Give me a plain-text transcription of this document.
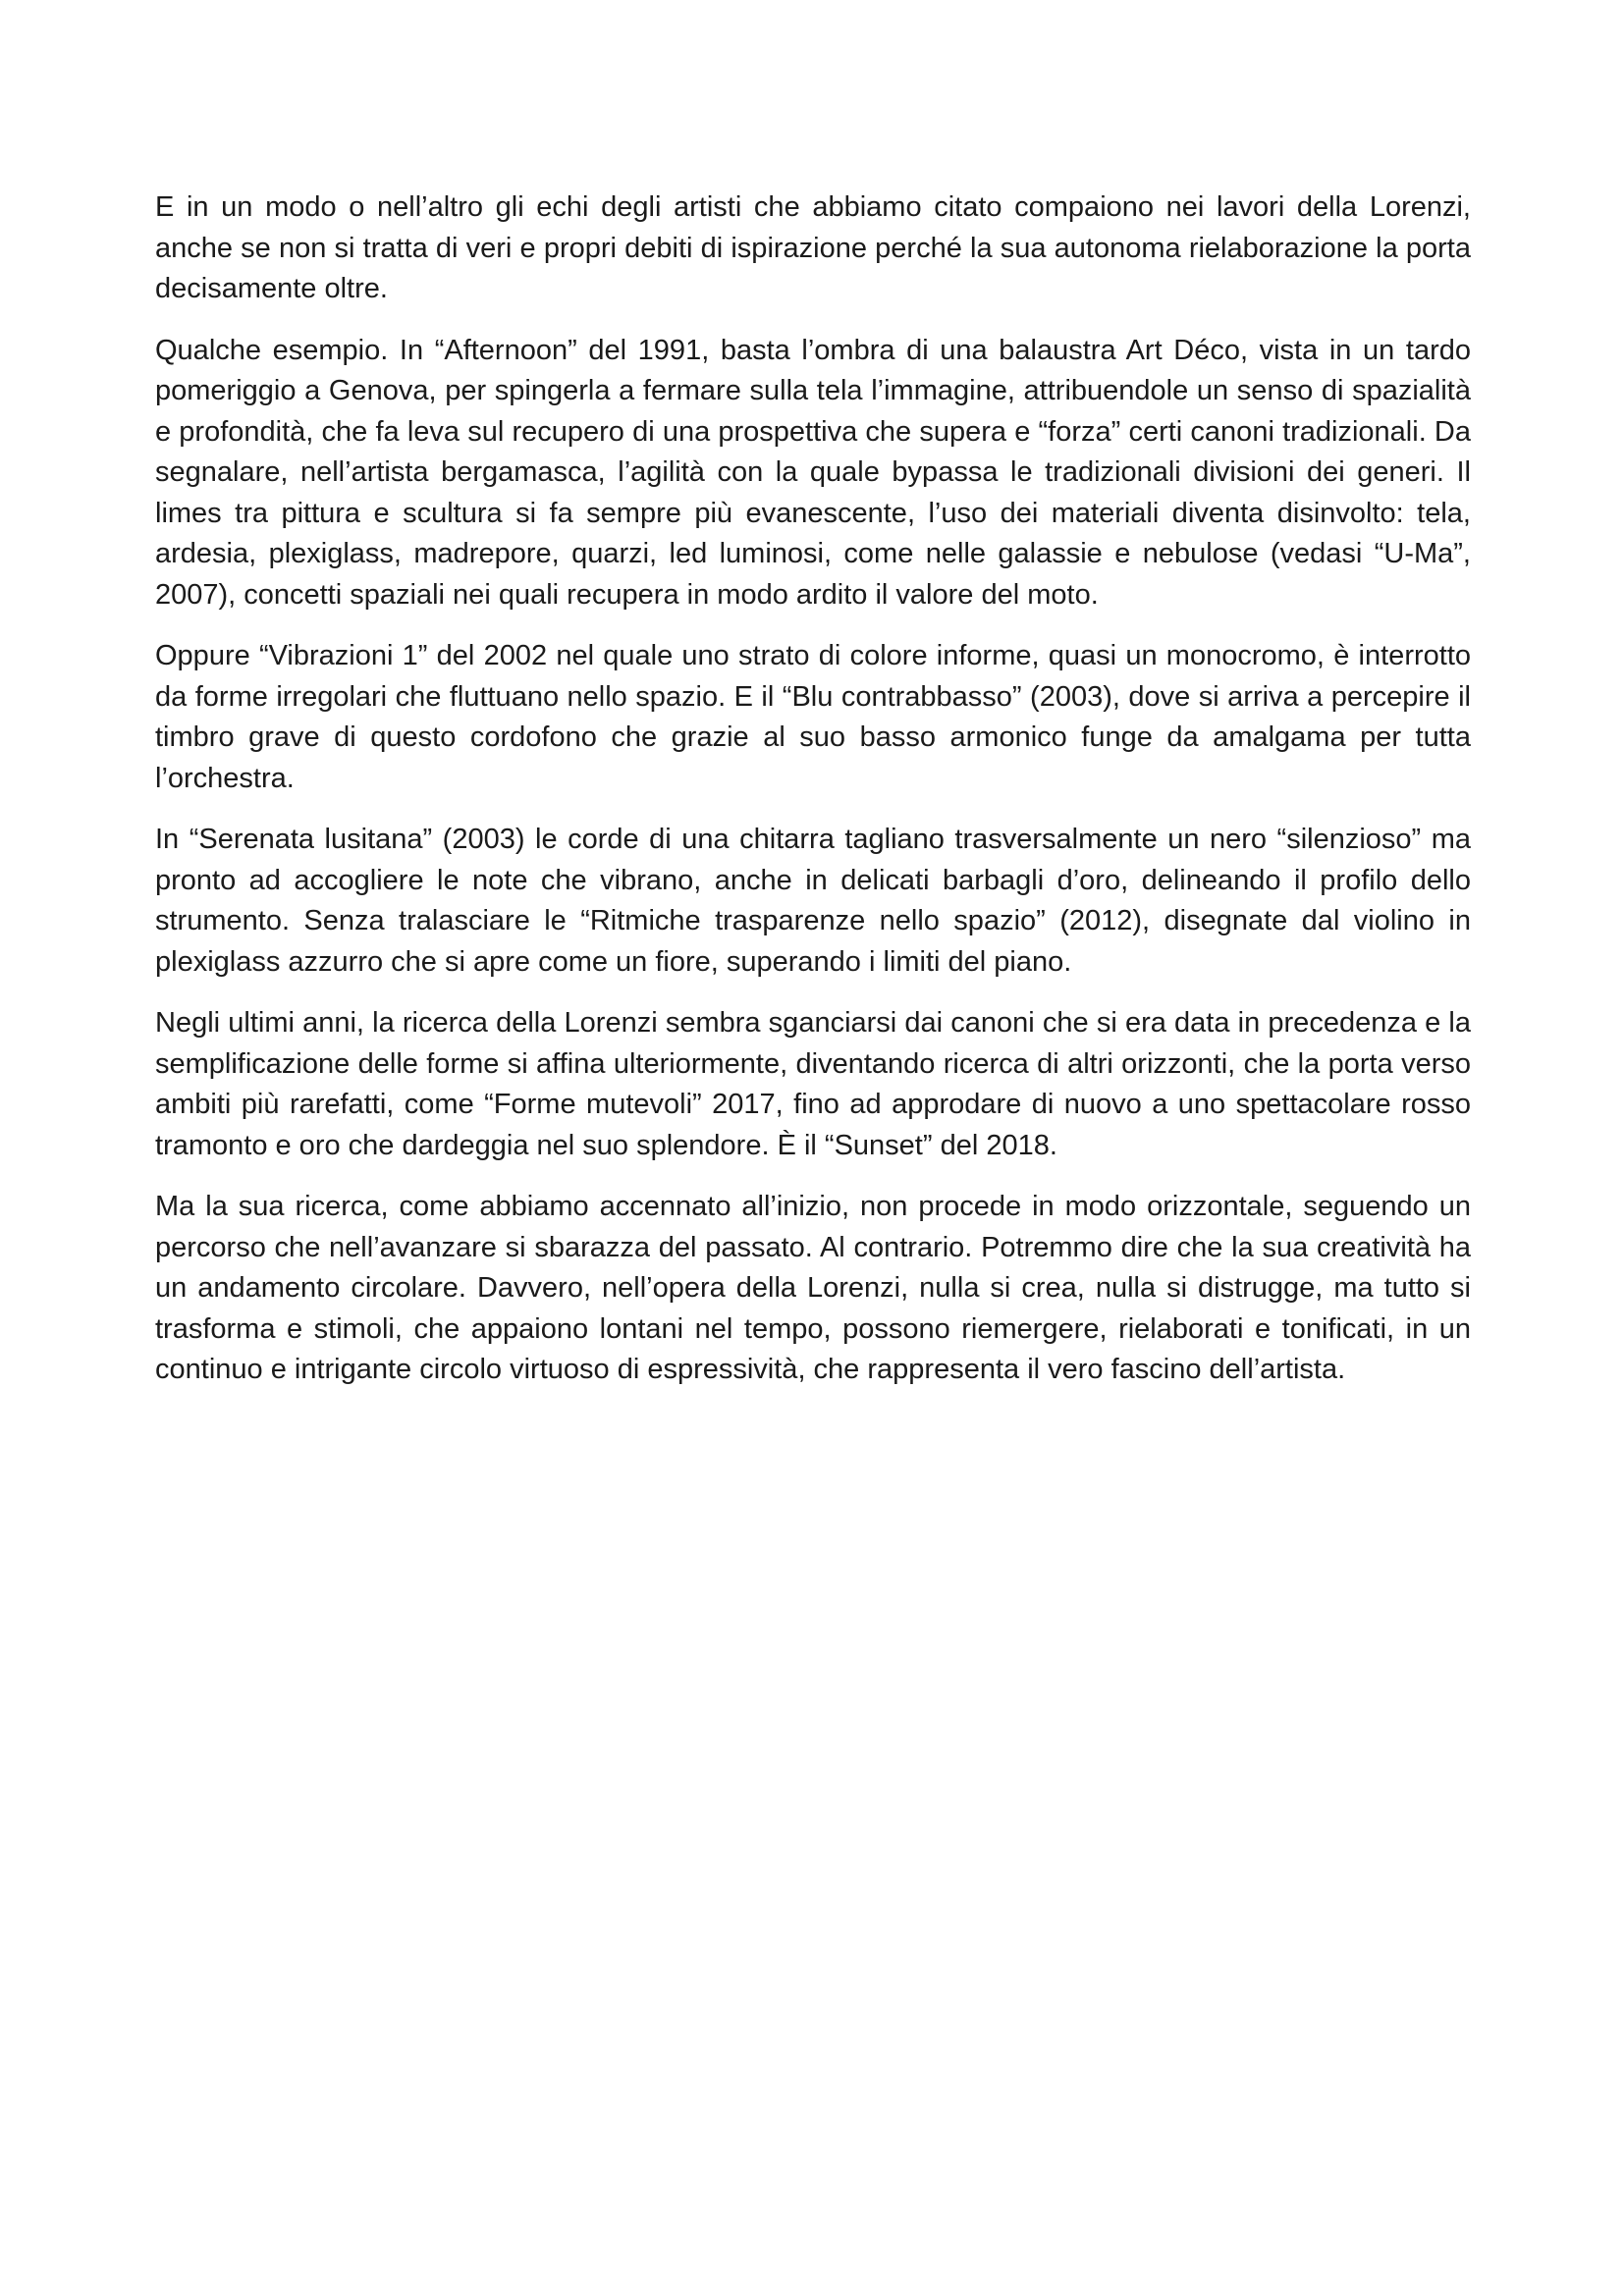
E in un modo o nell’altro gli echi degli artisti che abbiamo citato compaiono nei lavori della Lorenzi, anche se non si tratta di veri e propri debiti di ispirazione perché la sua autonoma rielaborazione la porta decisamente oltre.

Qualche esempio. In “Afternoon” del 1991, basta l’ombra di una balaustra Art Déco, vista in un tardo pomeriggio a Genova, per spingerla a fermare sulla tela l’immagine, attribuendole un senso di spazialità e profondità, che fa leva sul recupero di una prospettiva che supera e “forza” certi canoni tradizionali. Da segnalare, nell’artista bergamasca, l’agilità con la quale bypassa le tradizionali divisioni dei generi. Il limes tra pittura e scultura si fa sempre più evanescente, l’uso dei materiali diventa disinvolto: tela, ardesia, plexiglass, madrepore, quarzi, led luminosi, come nelle galassie e nebulose (vedasi “U-Ma”, 2007), concetti spaziali nei quali recupera in modo ardito il valore del moto.

Oppure “Vibrazioni 1” del 2002 nel quale uno strato di colore informe, quasi un monocromo, è interrotto da forme irregolari che fluttuano nello spazio. E il “Blu contrabbasso” (2003), dove si arriva a percepire il timbro grave di questo cordofono che grazie al suo basso armonico funge da amalgama per tutta l’orchestra.

In “Serenata lusitana” (2003) le corde di una chitarra tagliano trasversalmente un nero “silenzioso” ma pronto ad accogliere le note che vibrano, anche in delicati barbagli d’oro, delineando il profilo dello strumento. Senza tralasciare le “Ritmiche trasparenze nello spazio” (2012), disegnate dal violino in plexiglass azzurro che si apre come un fiore, superando i limiti del piano.

Negli ultimi anni, la ricerca della Lorenzi sembra sganciarsi dai canoni che si era data in precedenza e la semplificazione delle forme si affina ulteriormente, diventando ricerca di altri orizzonti, che la porta verso ambiti più rarefatti, come “Forme mutevoli” 2017, fino ad approdare di nuovo a uno spettacolare rosso tramonto e oro che dardeggia nel suo splendore. È il “Sunset” del 2018.

Ma la sua ricerca, come abbiamo accennato all’inizio, non procede in modo orizzontale, seguendo un percorso che nell’avanzare si sbarazza del passato. Al contrario. Potremmo dire che la sua creatività ha un andamento circolare. Davvero, nell’opera della Lorenzi, nulla si crea, nulla si distrugge, ma tutto si trasforma e stimoli, che appaiono lontani nel tempo, possono riemergere, rielaborati e tonificati, in un continuo e intrigante circolo virtuoso di espressività, che rappresenta il vero fascino dell’artista.
